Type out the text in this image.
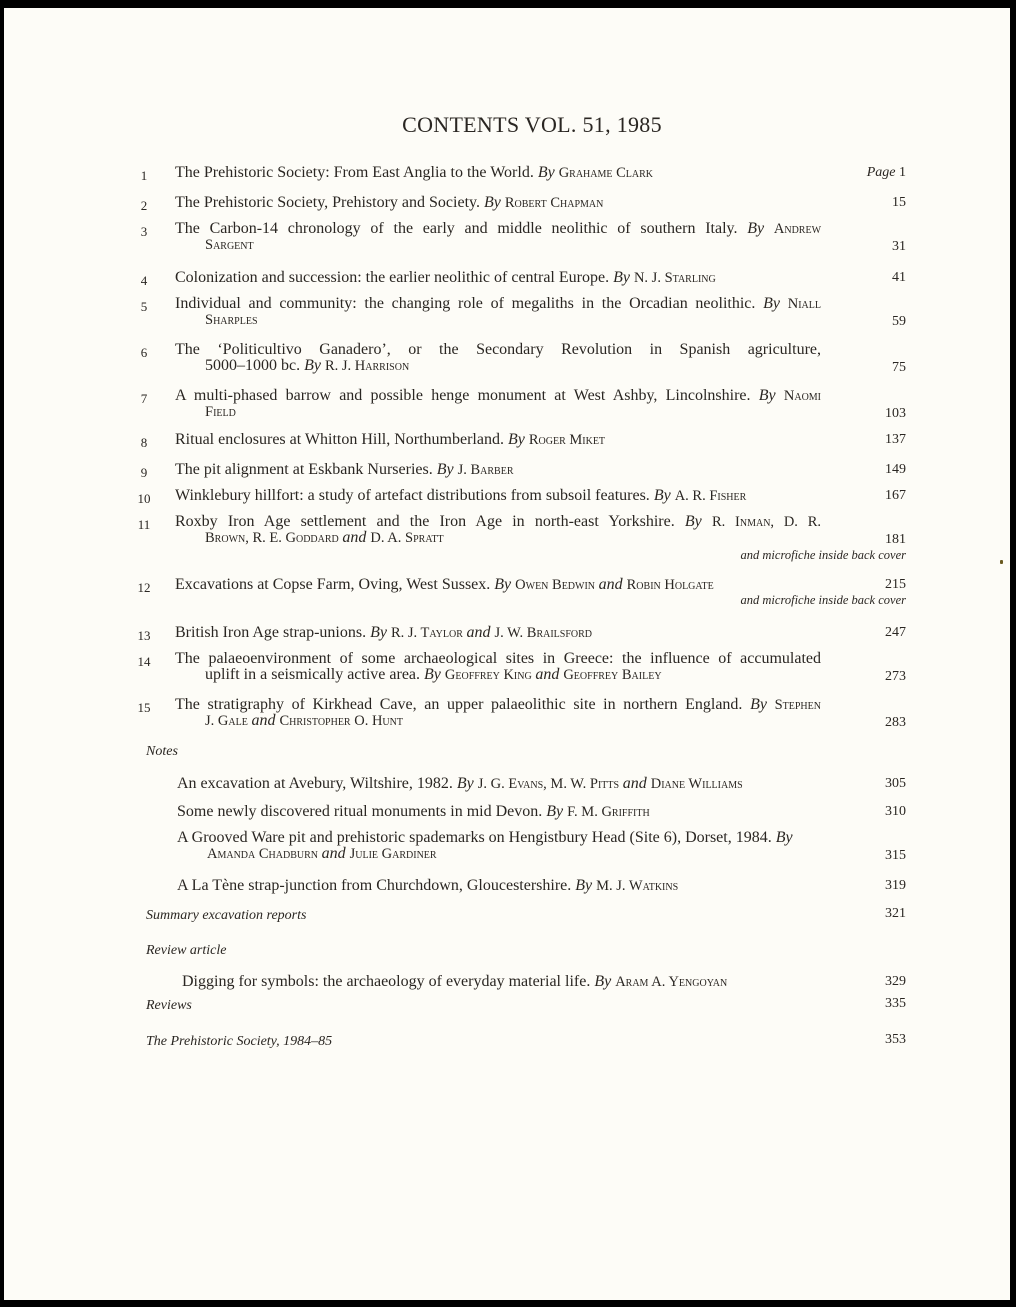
CONTENTS VOL. 51, 1985
1	The Prehistoric Society: From East Anglia to the World. By Grahame Clark	Page 1
2	The Prehistoric Society, Prehistory and Society. By Robert Chapman	15
3	The Carbon-14 chronology of the early and middle neolithic of southern Italy. By Andrew
Sargent	31
4	Colonization and succession: the earlier neolithic of central Europe. By N. J. Starling	41
5	Individual and community: the changing role of megaliths in the Orcadian neolithic. By Niall
Sharples	59
6	The ‘Politicultivo Ganadero’, or the Secondary Revolution in Spanish agriculture,
5000–1000 bc. By R. J. Harrison	75
7	A multi-phased barrow and possible henge monument at West Ashby, Lincolnshire. By Naomi
Field	103
8	Ritual enclosures at Whitton Hill, Northumberland. By Roger Miket	137
9	The pit alignment at Eskbank Nurseries. By J. Barber	149
10	Winklebury hillfort: a study of artefact distributions from subsoil features. By A. R. Fisher	167
11	Roxby Iron Age settlement and the Iron Age in north-east Yorkshire. By R. Inman, D. R.
Brown, R. E. Goddard and D. A. Spratt	181
and microfiche inside back cover
12	Excavations at Copse Farm, Oving, West Sussex. By Owen Bedwin and Robin Holgate	215
and microfiche inside back cover
13	British Iron Age strap-unions. By R. J. Taylor and J. W. Brailsford	247
14	The palaeoenvironment of some archaeological sites in Greece: the influence of accumulated
uplift in a seismically active area. By Geoffrey King and Geoffrey Bailey	273
15	The stratigraphy of Kirkhead Cave, an upper palaeolithic site in northern England. By Stephen
J. Gale and Christopher O. Hunt	283
Notes
An excavation at Avebury, Wiltshire, 1982. By J. G. Evans, M. W. Pitts and Diane Williams	305
Some newly discovered ritual monuments in mid Devon. By F. M. Griffith	310
A Grooved Ware pit and prehistoric spademarks on Hengistbury Head (Site 6), Dorset, 1984. By
Amanda Chadburn and Julie Gardiner	315
A La Tène strap-junction from Churchdown, Gloucestershire. By M. J. Watkins	319
Summary excavation reports	321
Review article
Digging for symbols: the archaeology of everyday material life. By Aram A. Yengoyan	329
Reviews	335
The Prehistoric Society, 1984–85	353
